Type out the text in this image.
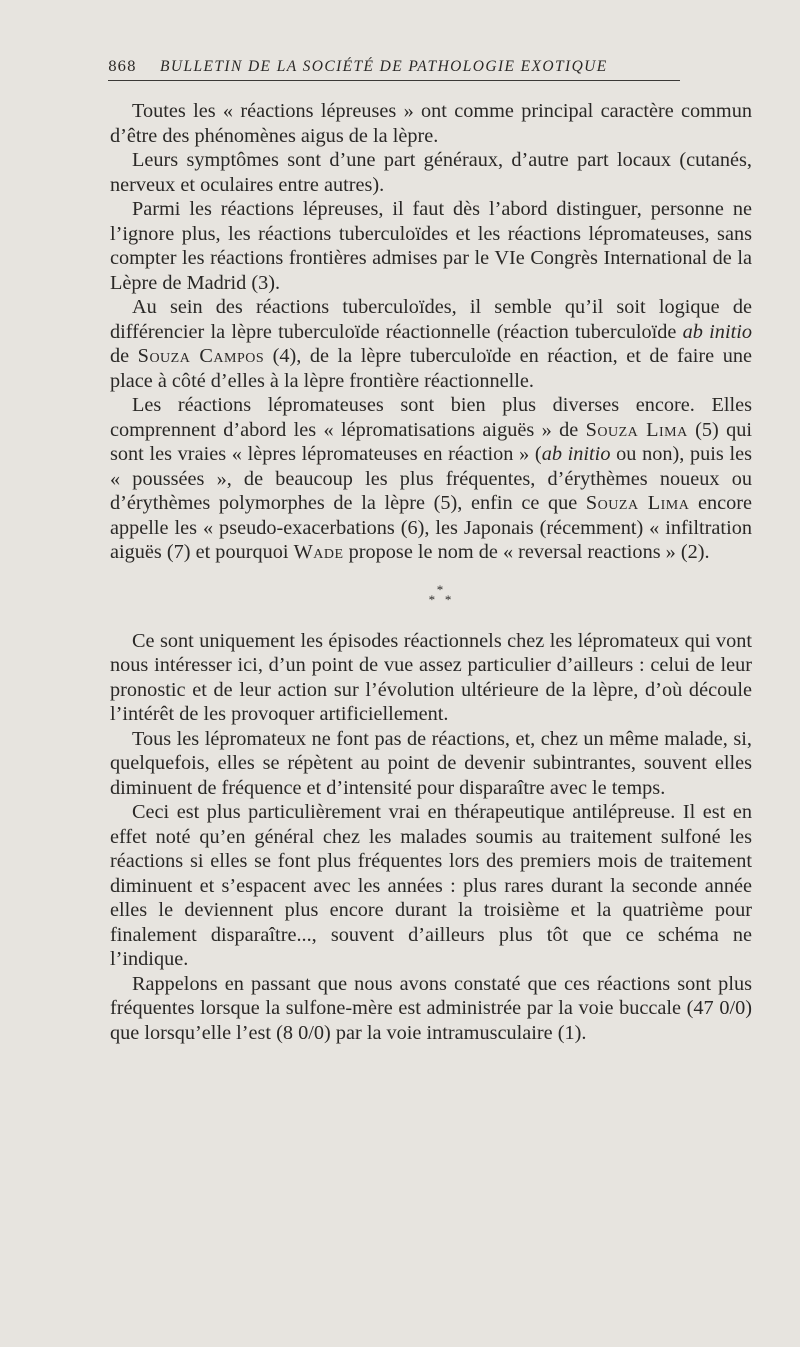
868	BULLETIN DE LA SOCIÉTÉ DE PATHOLOGIE EXOTIQUE

Toutes les « réactions lépreuses » ont comme principal caractère commun d’être des phénomènes aigus de la lèpre.

Leurs symptômes sont d’une part généraux, d’autre part locaux (cutanés, nerveux et oculaires entre autres).

Parmi les réactions lépreuses, il faut dès l’abord distinguer, personne ne l’ignore plus, les réactions tuberculoïdes et les réactions lépromateuses, sans compter les réactions frontières admises par le VIe Congrès International de la Lèpre de Madrid (3).

Au sein des réactions tuberculoïdes, il semble qu’il soit logique de différencier la lèpre tuberculoïde réactionnelle (réaction tuberculoïde ab initio de Souza Campos (4), de la lèpre tuberculoïde en réaction, et de faire une place à côté d’elles à la lèpre frontière réactionnelle.

Les réactions lépromateuses sont bien plus diverses encore. Elles comprennent d’abord les « lépromatisations aiguës » de Souza Lima (5) qui sont les vraies « lèpres lépromateuses en réaction » (ab initio ou non), puis les « poussées », de beaucoup les plus fréquentes, d’érythèmes noueux ou d’érythèmes polymorphes de la lèpre (5), enfin ce que Souza Lima encore appelle les « pseudo-exacerbations (6), les Japonais (récemment) « infiltration aiguës (7) et pourquoi Wade propose le nom de « reversal reactions » (2).

*
* *

Ce sont uniquement les épisodes réactionnels chez les lépromateux qui vont nous intéresser ici, d’un point de vue assez particulier d’ailleurs : celui de leur pronostic et de leur action sur l’évolution ultérieure de la lèpre, d’où découle l’intérêt de les provoquer artificiellement.

Tous les lépromateux ne font pas de réactions, et, chez un même malade, si, quelquefois, elles se répètent au point de devenir subintrantes, souvent elles diminuent de fréquence et d’intensité pour disparaître avec le temps.

Ceci est plus particulièrement vrai en thérapeutique antilépreuse. Il est en effet noté qu’en général chez les malades soumis au traitement sulfoné les réactions si elles se font plus fréquentes lors des premiers mois de traitement diminuent et s’espacent avec les années : plus rares durant la seconde année elles le deviennent plus encore durant la troisième et la quatrième pour finalement disparaître..., souvent d’ailleurs plus tôt que ce schéma ne l’indique.

Rappelons en passant que nous avons constaté que ces réactions sont plus fréquentes lorsque la sulfone-mère est administrée par la voie buccale (47 0/0) que lorsqu’elle l’est (8 0/0) par la voie intramusculaire (1).
